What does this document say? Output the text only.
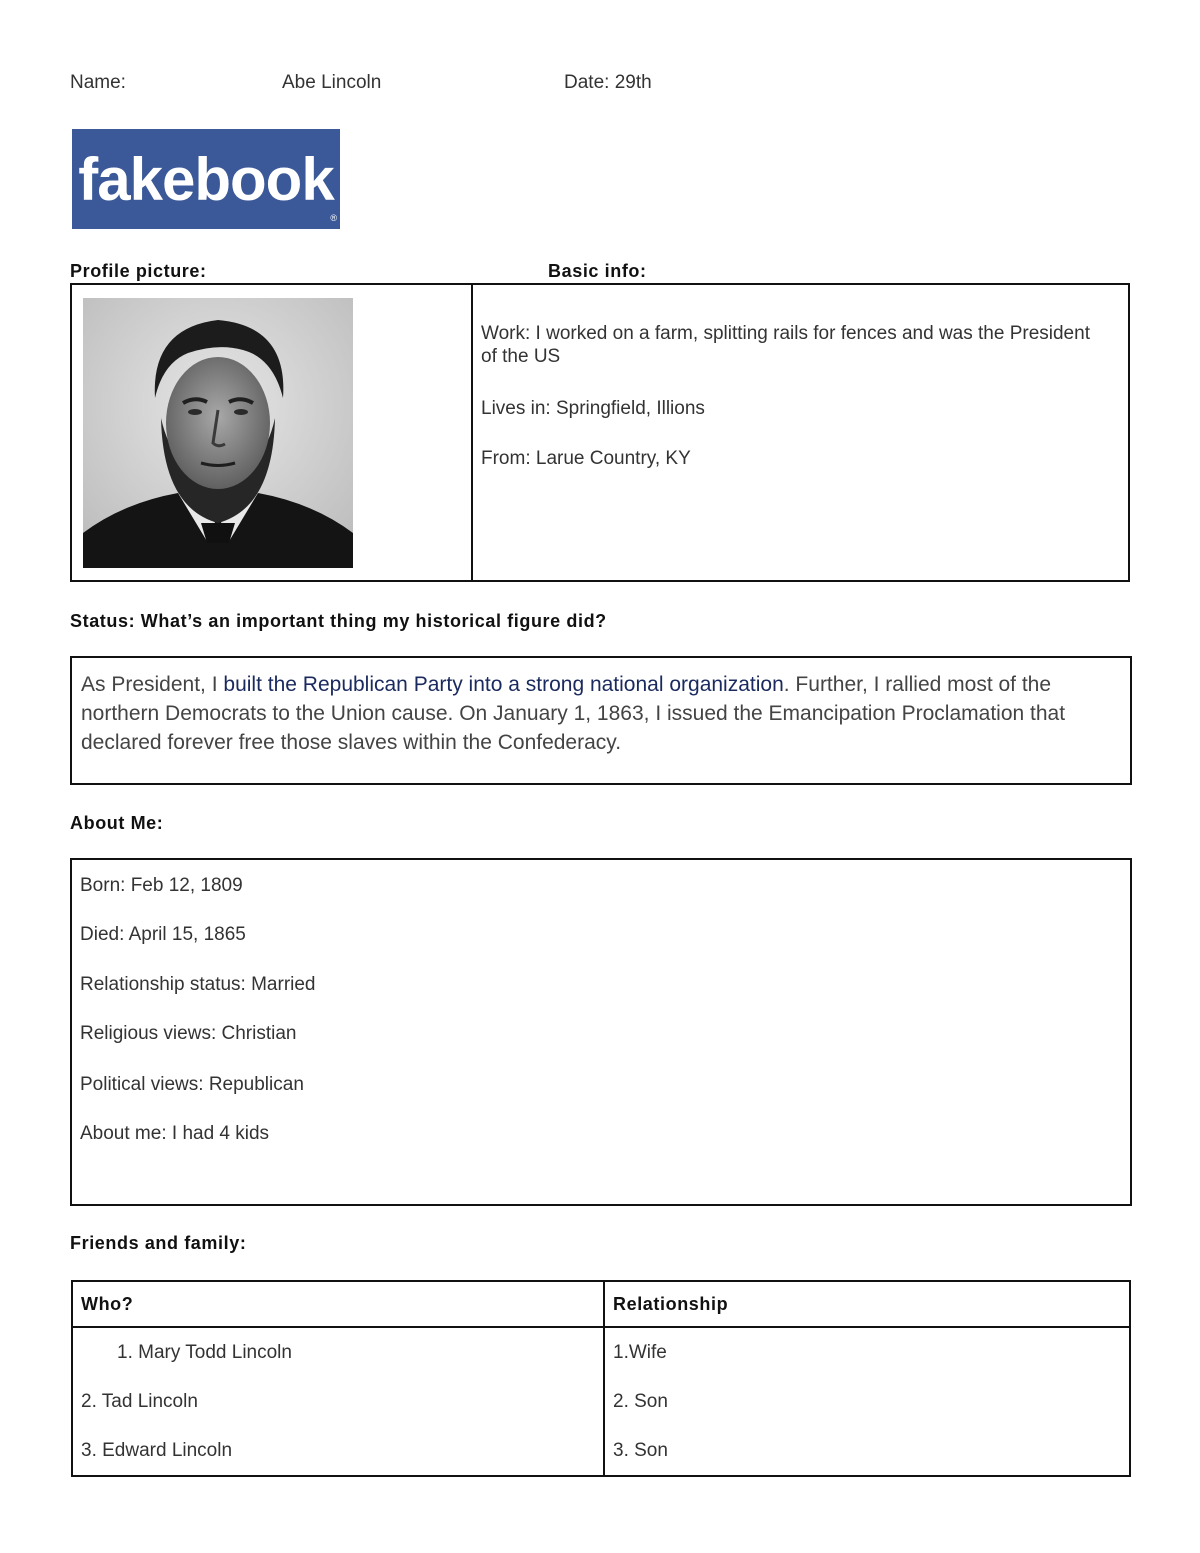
Name:	Abe Lincoln	Date: 29th
fakebook
®
Profile picture:	Basic info:
Work: I worked on a farm, splitting rails for fences and was the President of the US
Lives in: Springfield, Illions
From: Larue Country, KY
Status: What’s an important thing my historical figure did?
As President, I built the Republican Party into a strong national organization. Further, I rallied most of the northern Democrats to the Union cause. On January 1, 1863, I issued the Emancipation Proclamation that declared forever free those slaves within the Confederacy.
About Me:
Born: Feb 12, 1809
Died: April 15, 1865
Relationship status: Married
Religious views: Christian
Political views: Republican
About me: I had 4 kids
Friends and family:
Who?	Relationship
1. Mary Todd Lincoln	1.Wife
2. Tad Lincoln	2. Son
3. Edward Lincoln	3. Son
